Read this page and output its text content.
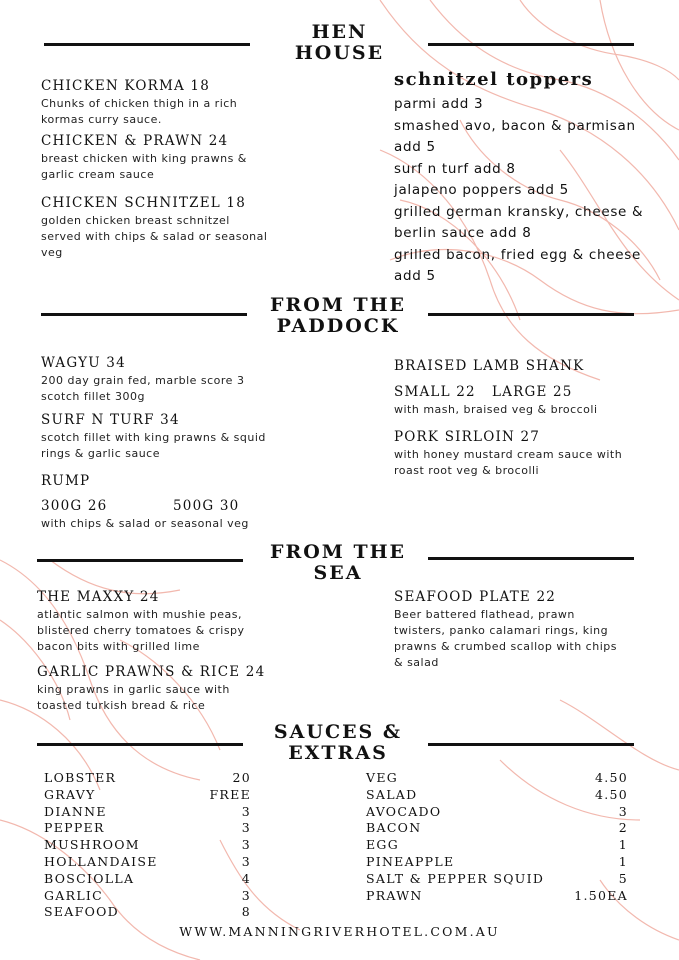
HEN
HOUSE
CHICKEN KORMA 18
Chunks of chicken thigh in a rich
kormas curry sauce.
CHICKEN & PRAWN 24
breast chicken with king prawns &
garlic cream sauce
CHICKEN SCHNITZEL 18
golden chicken breast schnitzel
served with chips & salad or seasonal
veg
schnitzel toppers
parmi add 3
smashed avo, bacon & parmisan
add 5
surf n turf add 8
jalapeno poppers add 5
grilled german kransky, cheese &
berlin sauce add 8
grilled bacon, fried egg & cheese
add 5
FROM THE
PADDOCK
WAGYU 34
200 day grain fed, marble score 3
scotch fillet 300g
SURF N TURF 34
scotch fillet with king prawns & squid
rings & garlic sauce
RUMP
300G 26	500G 30
with chips & salad or seasonal veg
BRAISED LAMB SHANK
SMALL 22 LARGE 25
with mash, braised veg & broccoli
PORK SIRLOIN 27
with honey mustard cream sauce with
roast root veg & brocolli
FROM THE
SEA
THE MAXXY 24
atlantic salmon with mushie peas,
blistered cherry tomatoes & crispy
bacon bits with grilled lime
GARLIC PRAWNS & RICE 24
king prawns in garlic sauce with
toasted turkish bread & rice
SEAFOOD PLATE 22
Beer battered flathead, prawn
twisters, panko calamari rings, king
prawns & crumbed scallop with chips
& salad
SAUCES &
EXTRAS
LOBSTER	20
GRAVY	FREE
DIANNE	3
PEPPER	3
MUSHROOM	3
HOLLANDAISE	3
BOSCIOLLA	4
GARLIC	3
SEAFOOD	8
VEG	4.50
SALAD	4.50
AVOCADO	3
BACON	2
EGG	1
PINEAPPLE	1
SALT & PEPPER SQUID	5
PRAWN	1.50EA
WWW.MANNINGRIVERHOTEL.COM.AU
